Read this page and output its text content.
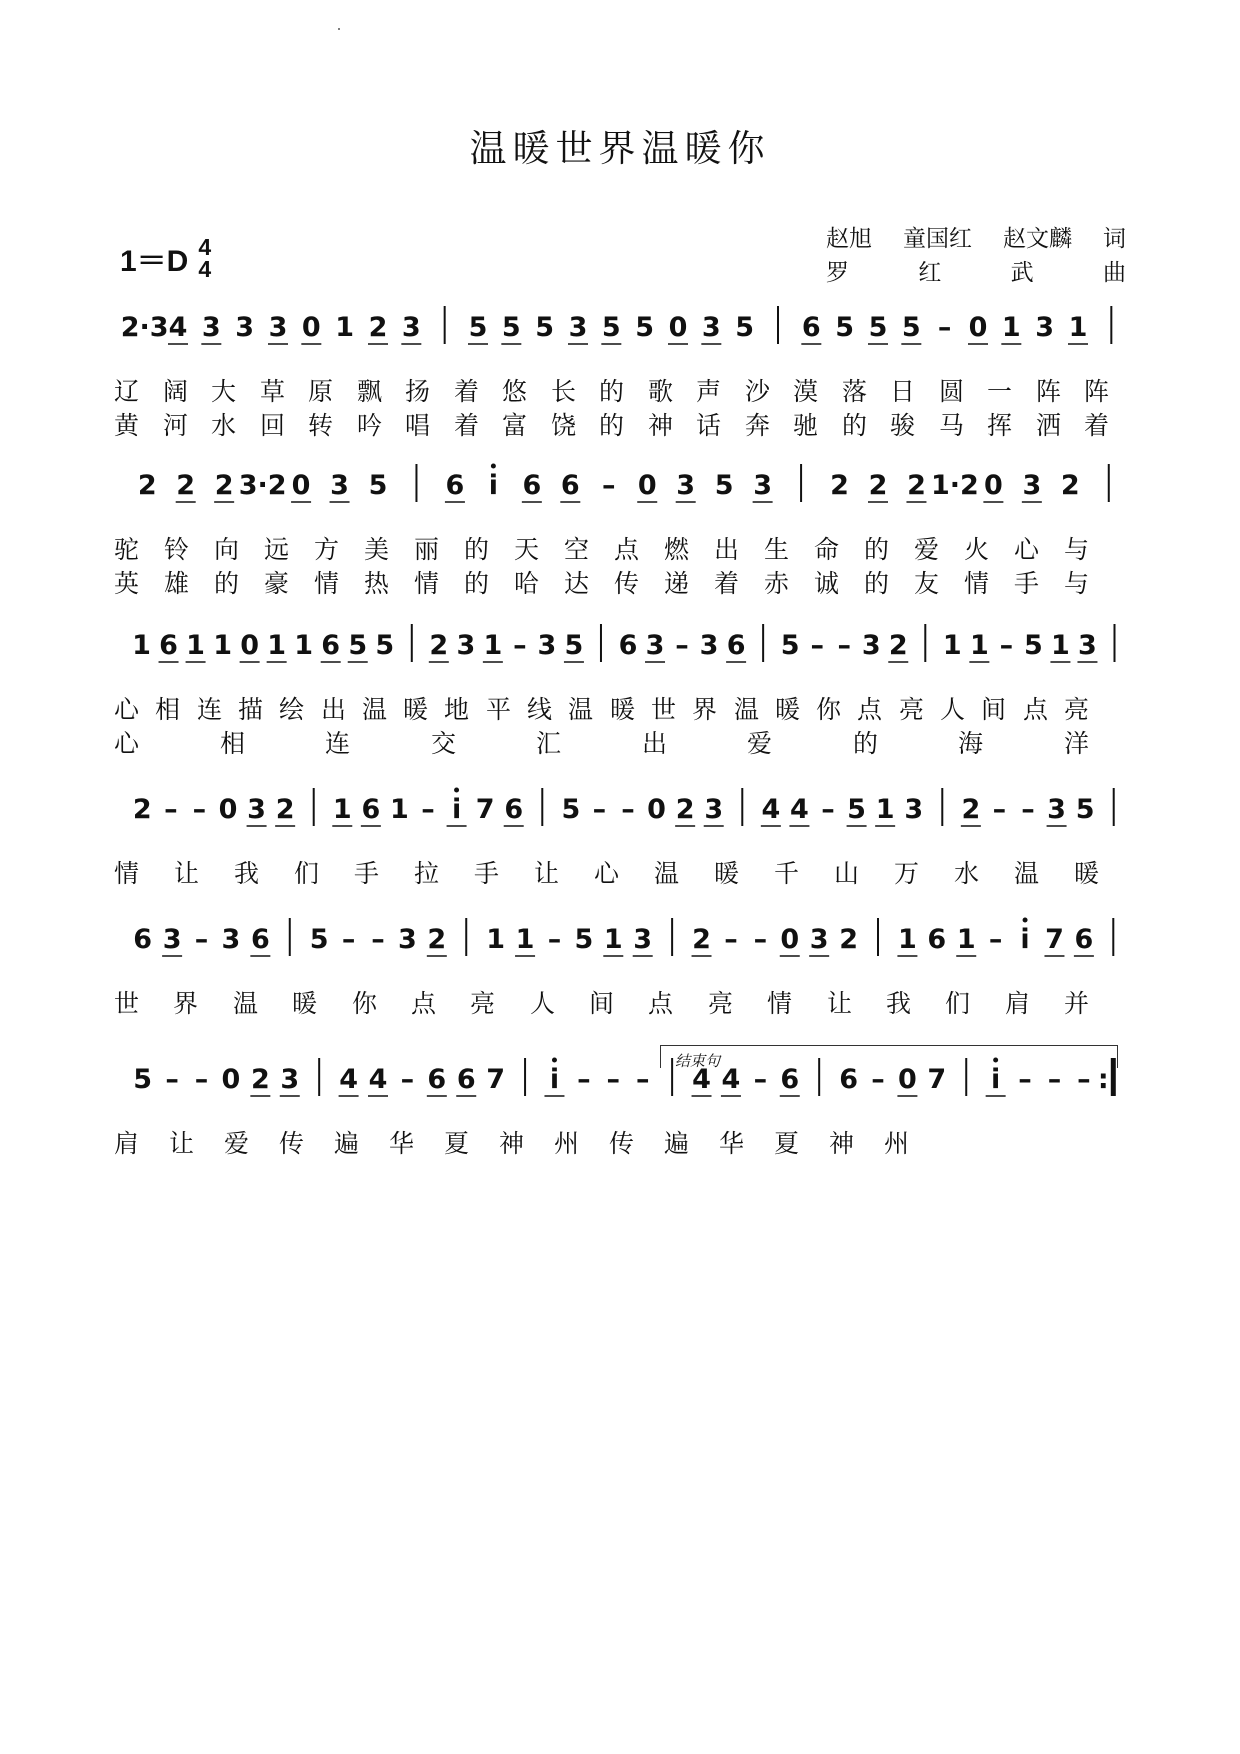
温暖世界温暖你
1＝D 4
4
赵旭 童国红 赵文麟 词
罗	红	武	曲
结束句
2·3 4 3 3 3 0 1 2 3 5 5 5 3 5 5 0 3 5 6 5 5 5 – 0 1 3 1
辽 阔 大 草 原 飘 扬 着 悠 长 的 歌 声 沙 漠 落 日 圆 一 阵 阵
黄 河 水 回 转 吟 唱 着 富 饶 的 神 话 奔 驰 的 骏 马 挥 洒 着
2 2 2 3·2 0 3 5 6 i 6 6 – 0 3 5 3 2 2 2 1·2 0 3 2
驼 铃 向 远 方 美 丽 的 天 空 点 燃 出 生 命 的 爱 火 心 与
英 雄 的 豪 情 热 情 的 哈 达 传 递 着 赤 诚 的 友 情 手 与
1 6 1 1 0 1 1 6 5 5 2 3 1 – 3 5 6 3 – 3 6 5 – – 3 2 1 1 – 5 1 3
心 相 连 描 绘 出 温 暖 地 平 线 温 暖 世 界 温 暖 你 点 亮 人 间 点 亮
心	相	连	交	汇	出	爱	的	海	洋
2 – – 0 3 2 1 6 1 – i 7 6 5 – – 0 2 3 4 4 – 5 1 3 2 – – 3 5
情 让 我 们 手 拉 手 让 心 温 暖 千 山 万 水 温 暖
6 3 – 3 6 5 – – 3 2 1 1 – 5 1 3 2 – – 0 3 2 1 6 1 – i 7 6
世 界 温 暖 你 点 亮 人 间 点 亮 情 让 我 们 肩 并
5 – – 0 2 3 4 4 – 6 6 7 i – – – 4 4 – 6 6 – 0 7 i – – – :
肩 让 爱 传 遍 华 夏 神 州 传 遍 华 夏 神 州
